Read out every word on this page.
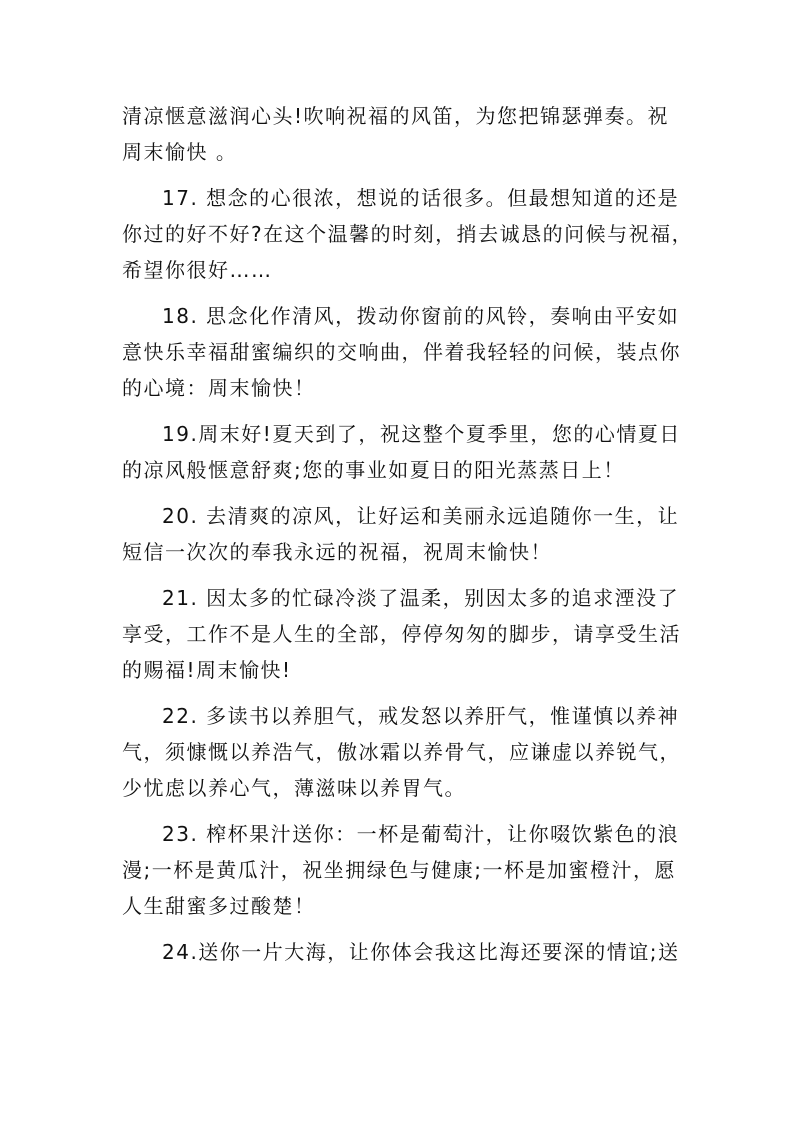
清凉惬意滋润心头!吹响祝福的风笛，为您把锦瑟弹奏。祝
周末愉快 。

17. 想念的心很浓，想说的话很多。但最想知道的还是
你过的好不好?在这个温馨的时刻，捎去诚恳的问候与祝福，
希望你很好……

18. 思念化作清风，拨动你窗前的风铃，奏响由平安如
意快乐幸福甜蜜编织的交响曲，伴着我轻轻的问候，装点你
的心境：周末愉快！

19.周末好!夏天到了，祝这整个夏季里，您的心情夏日
的凉风般惬意舒爽;您的事业如夏日的阳光蒸蒸日上！

20. 去清爽的凉风，让好运和美丽永远追随你一生，让
短信一次次的奉我永远的祝福，祝周末愉快！

21. 因太多的忙碌冷淡了温柔，别因太多的追求湮没了
享受，工作不是人生的全部，停停匆匆的脚步，请享受生活
的赐福!周末愉快!

22. 多读书以养胆气，戒发怒以养肝气，惟谨慎以养神
气，须慷慨以养浩气，傲冰霜以养骨气，应谦虚以养锐气，
少忧虑以养心气，薄滋味以养胃气。

23. 榨杯果汁送你：一杯是葡萄汁，让你啜饮紫色的浪
漫;一杯是黄瓜汁，祝坐拥绿色与健康;一杯是加蜜橙汁，愿
人生甜蜜多过酸楚！

24.送你一片大海，让你体会我这比海还要深的情谊;送
